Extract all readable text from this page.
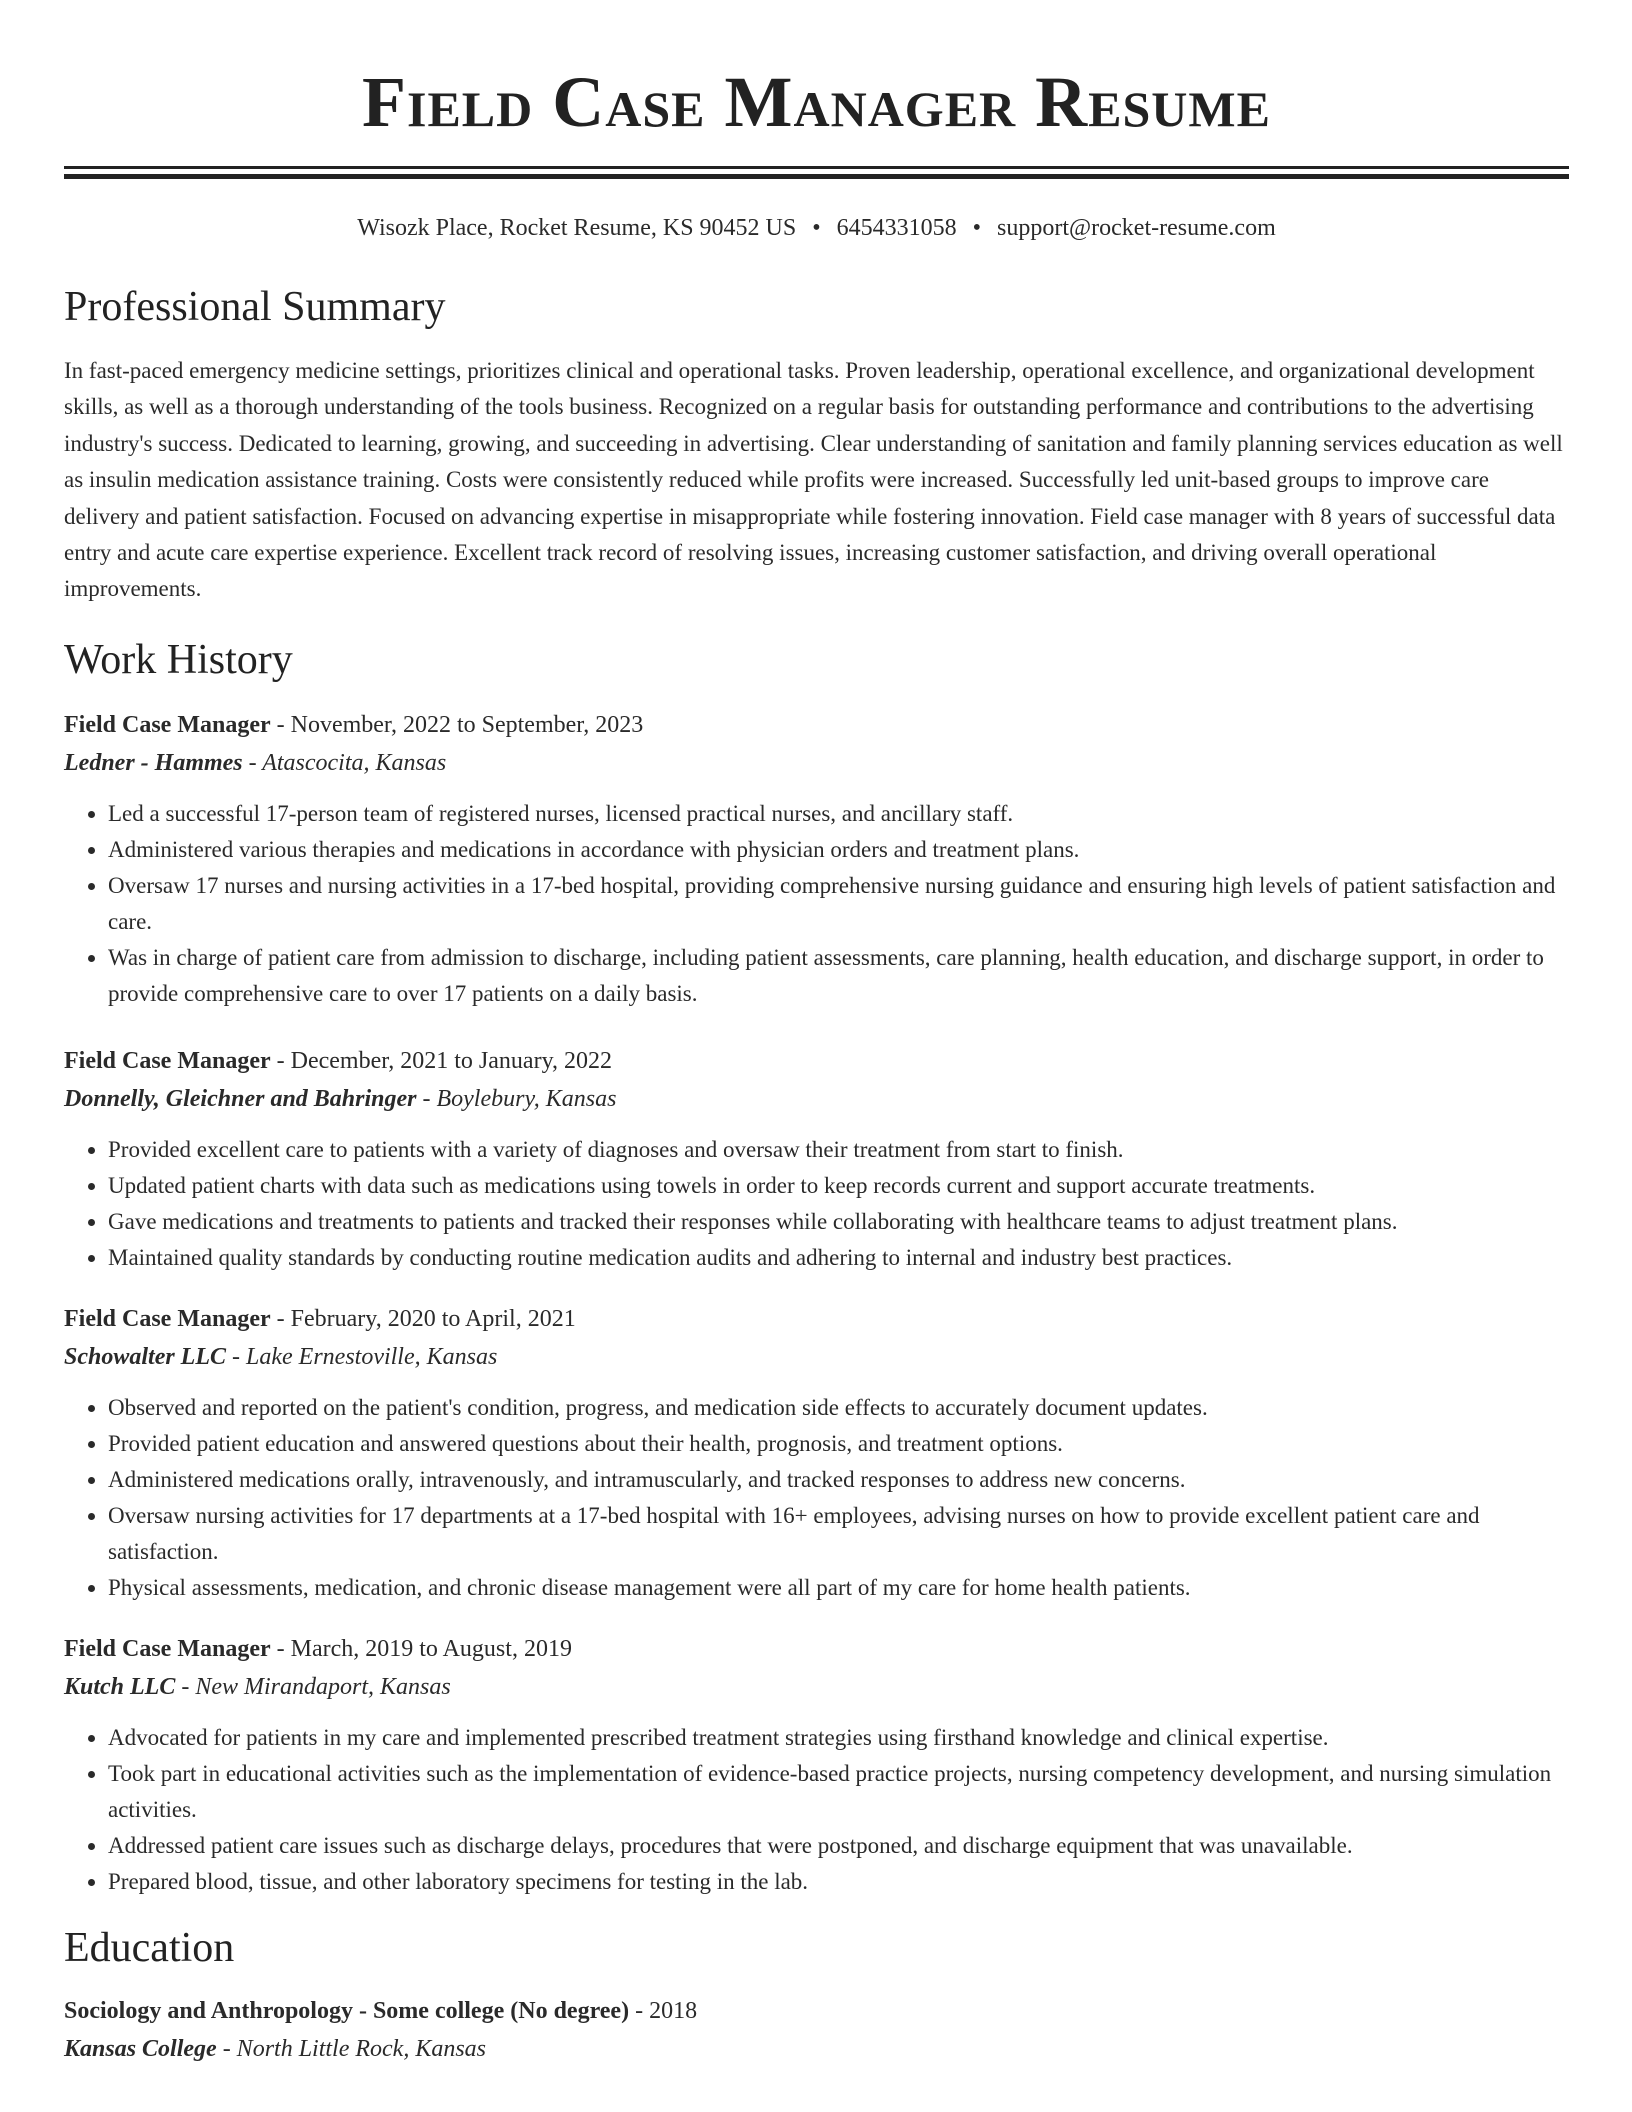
Field Case Manager Resume
Wisozk Place, Rocket Resume, KS 90452 US • 6454331058 • support@rocket-resume.com
Professional Summary

In fast-paced emergency medicine settings, prioritizes clinical and operational tasks. Proven leadership, operational excellence, and organizational development skills, as well as a thorough understanding of the tools business. Recognized on a regular basis for outstanding performance and contributions to the advertising industry's success. Dedicated to learning, growing, and succeeding in advertising. Clear understanding of sanitation and family planning services education as well as insulin medication assistance training. Costs were consistently reduced while profits were increased. Successfully led unit-based groups to improve care delivery and patient satisfaction. Focused on advancing expertise in misappropriate while fostering innovation. Field case manager with 8 years of successful data entry and acute care expertise experience. Excellent track record of resolving issues, increasing customer satisfaction, and driving overall operational improvements.

Work History

Field Case Manager - November, 2022 to September, 2023

Ledner - Hammes - Atascocita, Kansas

• Led a successful 17-person team of registered nurses, licensed practical nurses, and ancillary staff.
• Administered various therapies and medications in accordance with physician orders and treatment plans.
• Oversaw 17 nurses and nursing activities in a 17-bed hospital, providing comprehensive nursing guidance and ensuring high levels of patient satisfaction and care.
• Was in charge of patient care from admission to discharge, including patient assessments, care planning, health education, and discharge support, in order to provide comprehensive care to over 17 patients on a daily basis.

Field Case Manager - December, 2021 to January, 2022

Donnelly, Gleichner and Bahringer - Boylebury, Kansas

• Provided excellent care to patients with a variety of diagnoses and oversaw their treatment from start to finish.
• Updated patient charts with data such as medications using towels in order to keep records current and support accurate treatments.
• Gave medications and treatments to patients and tracked their responses while collaborating with healthcare teams to adjust treatment plans.
• Maintained quality standards by conducting routine medication audits and adhering to internal and industry best practices.

Field Case Manager - February, 2020 to April, 2021

Schowalter LLC - Lake Ernestoville, Kansas

• Observed and reported on the patient's condition, progress, and medication side effects to accurately document updates.
• Provided patient education and answered questions about their health, prognosis, and treatment options.
• Administered medications orally, intravenously, and intramuscularly, and tracked responses to address new concerns.
• Oversaw nursing activities for 17 departments at a 17-bed hospital with 16+ employees, advising nurses on how to provide excellent patient care and satisfaction.
• Physical assessments, medication, and chronic disease management were all part of my care for home health patients.

Field Case Manager - March, 2019 to August, 2019

Kutch LLC - New Mirandaport, Kansas

• Advocated for patients in my care and implemented prescribed treatment strategies using firsthand knowledge and clinical expertise.
• Took part in educational activities such as the implementation of evidence-based practice projects, nursing competency development, and nursing simulation activities.
• Addressed patient care issues such as discharge delays, procedures that were postponed, and discharge equipment that was unavailable.
• Prepared blood, tissue, and other laboratory specimens for testing in the lab.
Education

Sociology and Anthropology - Some college (No degree) - 2018

Kansas College - North Little Rock, Kansas
